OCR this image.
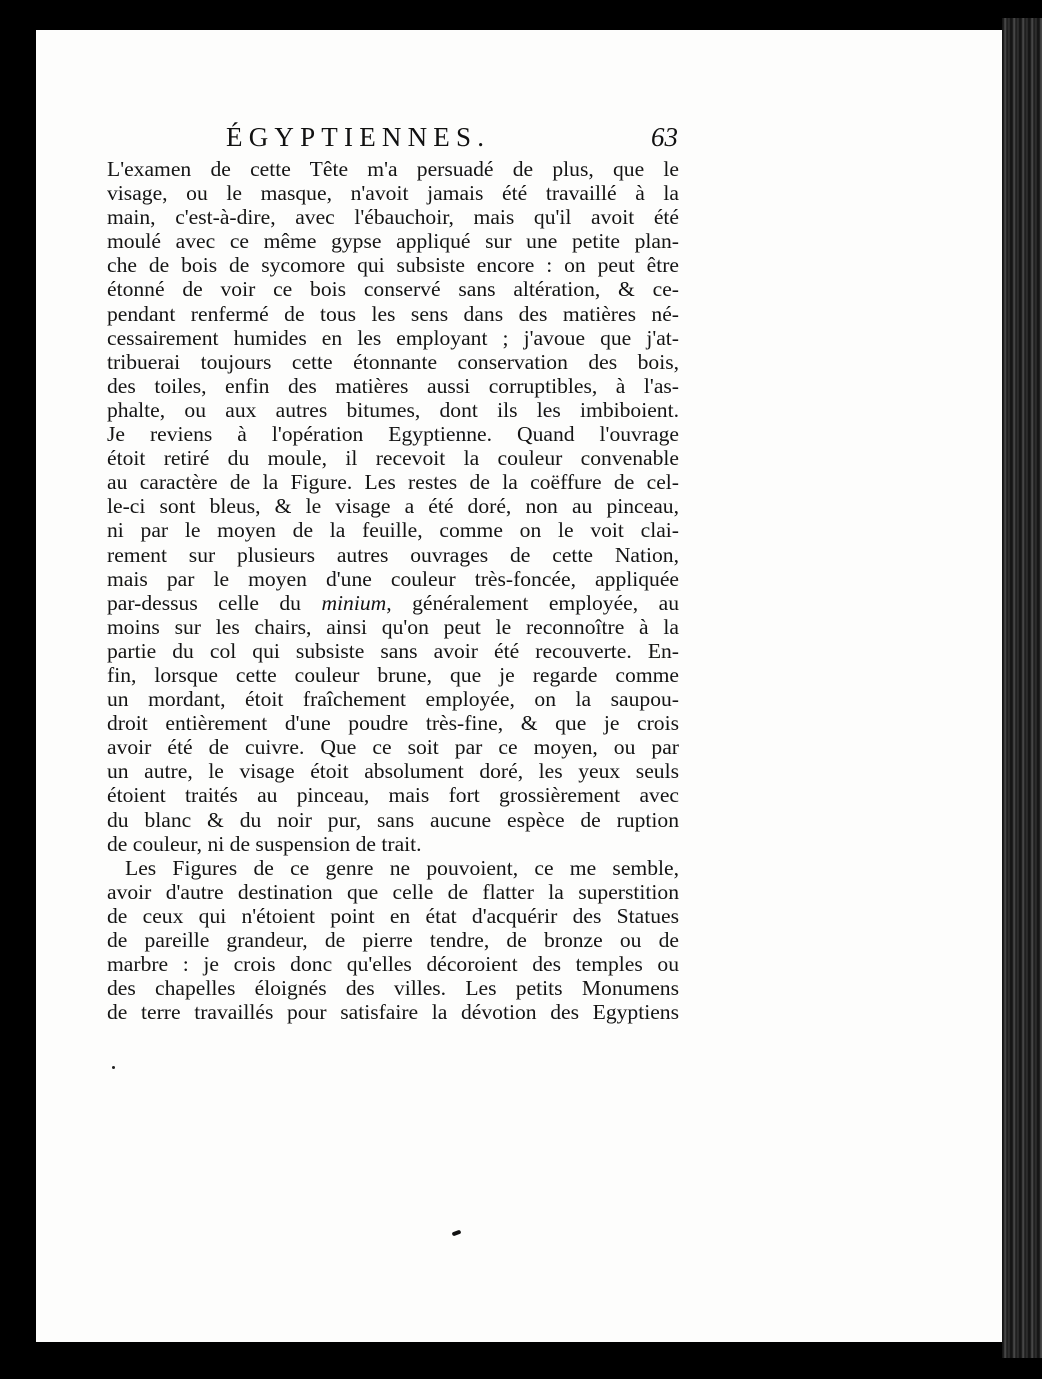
ÉGYPTIENNES.	63
L'examen de cette Tête m'a persuadé de plus, que le
visage, ou le masque, n'avoit jamais été travaillé à la
main, c'est-à-dire, avec l'ébauchoir, mais qu'il avoit été
moulé avec ce même gypse appliqué sur une petite plan-
che de bois de sycomore qui subsiste encore : on peut être
étonné de voir ce bois conservé sans altération, & ce-
pendant renfermé de tous les sens dans des matières né-
cessairement humides en les employant ; j'avoue que j'at-
tribuerai toujours cette étonnante conservation des bois,
des toiles, enfin des matières aussi corruptibles, à l'as-
phalte, ou aux autres bitumes, dont ils les imbiboient.
Je reviens à l'opération Egyptienne. Quand l'ouvrage
étoit retiré du moule, il recevoit la couleur convenable
au caractère de la Figure. Les restes de la coëffure de cel-
le-ci sont bleus, & le visage a été doré, non au pinceau,
ni par le moyen de la feuille, comme on le voit clai-
rement sur plusieurs autres ouvrages de cette Nation,
mais par le moyen d'une couleur très-foncée, appliquée
par-dessus celle du minium, généralement employée, au
moins sur les chairs, ainsi qu'on peut le reconnoître à la
partie du col qui subsiste sans avoir été recouverte. En-
fin, lorsque cette couleur brune, que je regarde comme
un mordant, étoit fraîchement employée, on la saupou-
droit entièrement d'une poudre très-fine, & que je crois
avoir été de cuivre. Que ce soit par ce moyen, ou par
un autre, le visage étoit absolument doré, les yeux seuls
étoient traités au pinceau, mais fort grossièrement avec
du blanc & du noir pur, sans aucune espèce de ruption
de couleur, ni de suspension de trait.
Les Figures de ce genre ne pouvoient, ce me semble,
avoir d'autre destination que celle de flatter la superstition
de ceux qui n'étoient point en état d'acquérir des Statues
de pareille grandeur, de pierre tendre, de bronze ou de
marbre : je crois donc qu'elles décoroient des temples ou
des chapelles éloignés des villes. Les petits Monumens
de terre travaillés pour satisfaire la dévotion des Egyptiens
